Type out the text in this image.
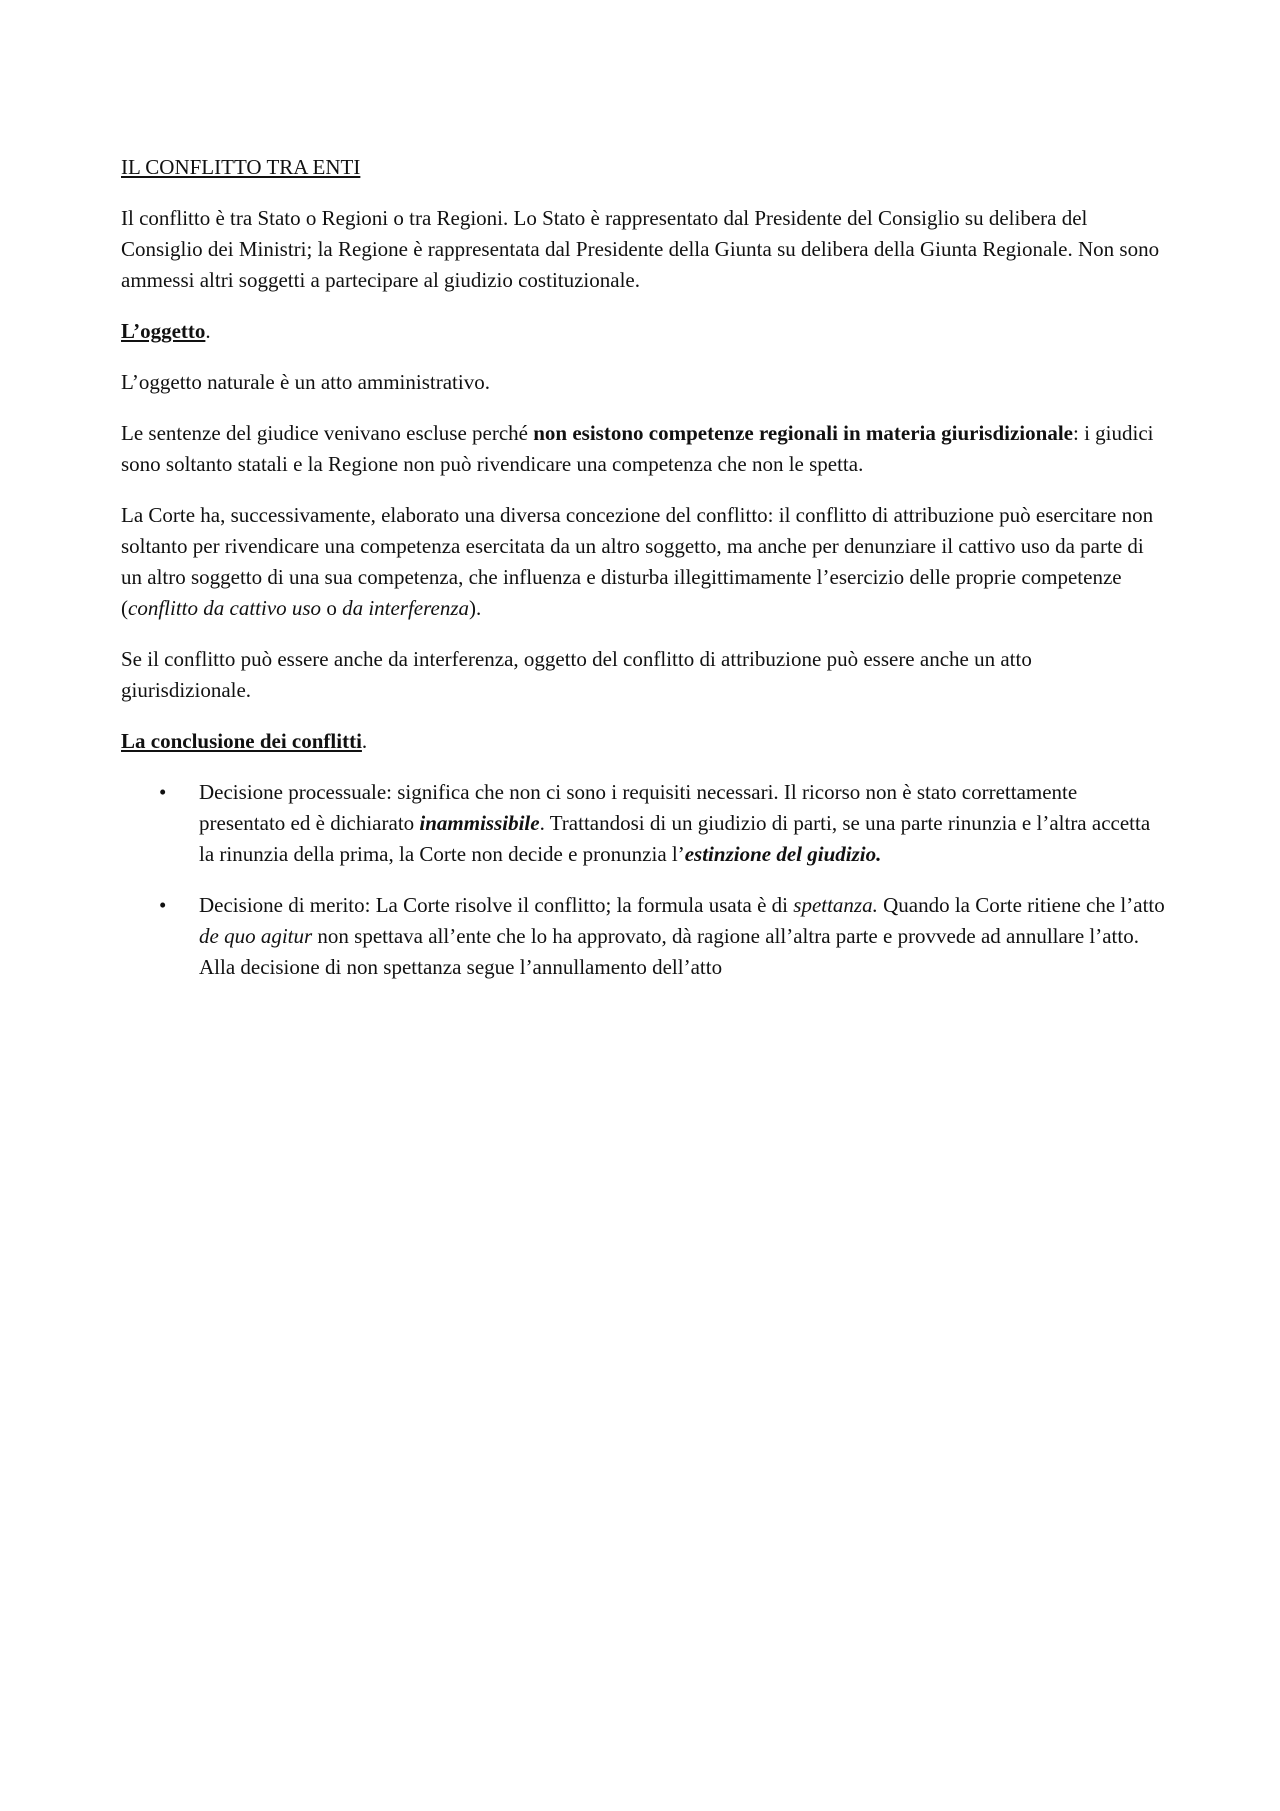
IL CONFLITTO TRA ENTI

Il conflitto è tra Stato o Regioni o tra Regioni. Lo Stato è rappresentato dal Presidente del Consiglio su delibera del Consiglio dei Ministri; la Regione è rappresentata dal Presidente della Giunta su delibera della Giunta Regionale. Non sono ammessi altri soggetti a partecipare al giudizio costituzionale.

L’oggetto.

L’oggetto naturale è un atto amministrativo.

Le sentenze del giudice venivano escluse perché non esistono competenze regionali in materia giurisdizionale: i giudici sono soltanto statali e la Regione non può rivendicare una competenza che non le spetta.

La Corte ha, successivamente, elaborato una diversa concezione del conflitto: il conflitto di attribuzione può esercitare non soltanto per rivendicare una competenza esercitata da un altro soggetto, ma anche per denunziare il cattivo uso da parte di un altro soggetto di una sua competenza, che influenza e disturba illegittimamente l’esercizio delle proprie competenze (conflitto da cattivo uso o da interferenza).

Se il conflitto può essere anche da interferenza, oggetto del conflitto di attribuzione può essere anche un atto giurisdizionale.

La conclusione dei conflitti.
• Decisione processuale: significa che non ci sono i requisiti necessari. Il ricorso non è stato correttamente presentato ed è dichiarato inammissibile. Trattandosi di un giudizio di parti, se una parte rinunzia e l’altra accetta la rinunzia della prima, la Corte non decide e pronunzia l’estinzione del giudizio.
• Decisione di merito: La Corte risolve il conflitto; la formula usata è di spettanza. Quando la Corte ritiene che l’atto de quo agitur non spettava all’ente che lo ha approvato, dà ragione all’altra parte e provvede ad annullare l’atto. Alla decisione di non spettanza segue l’annullamento dell’atto
